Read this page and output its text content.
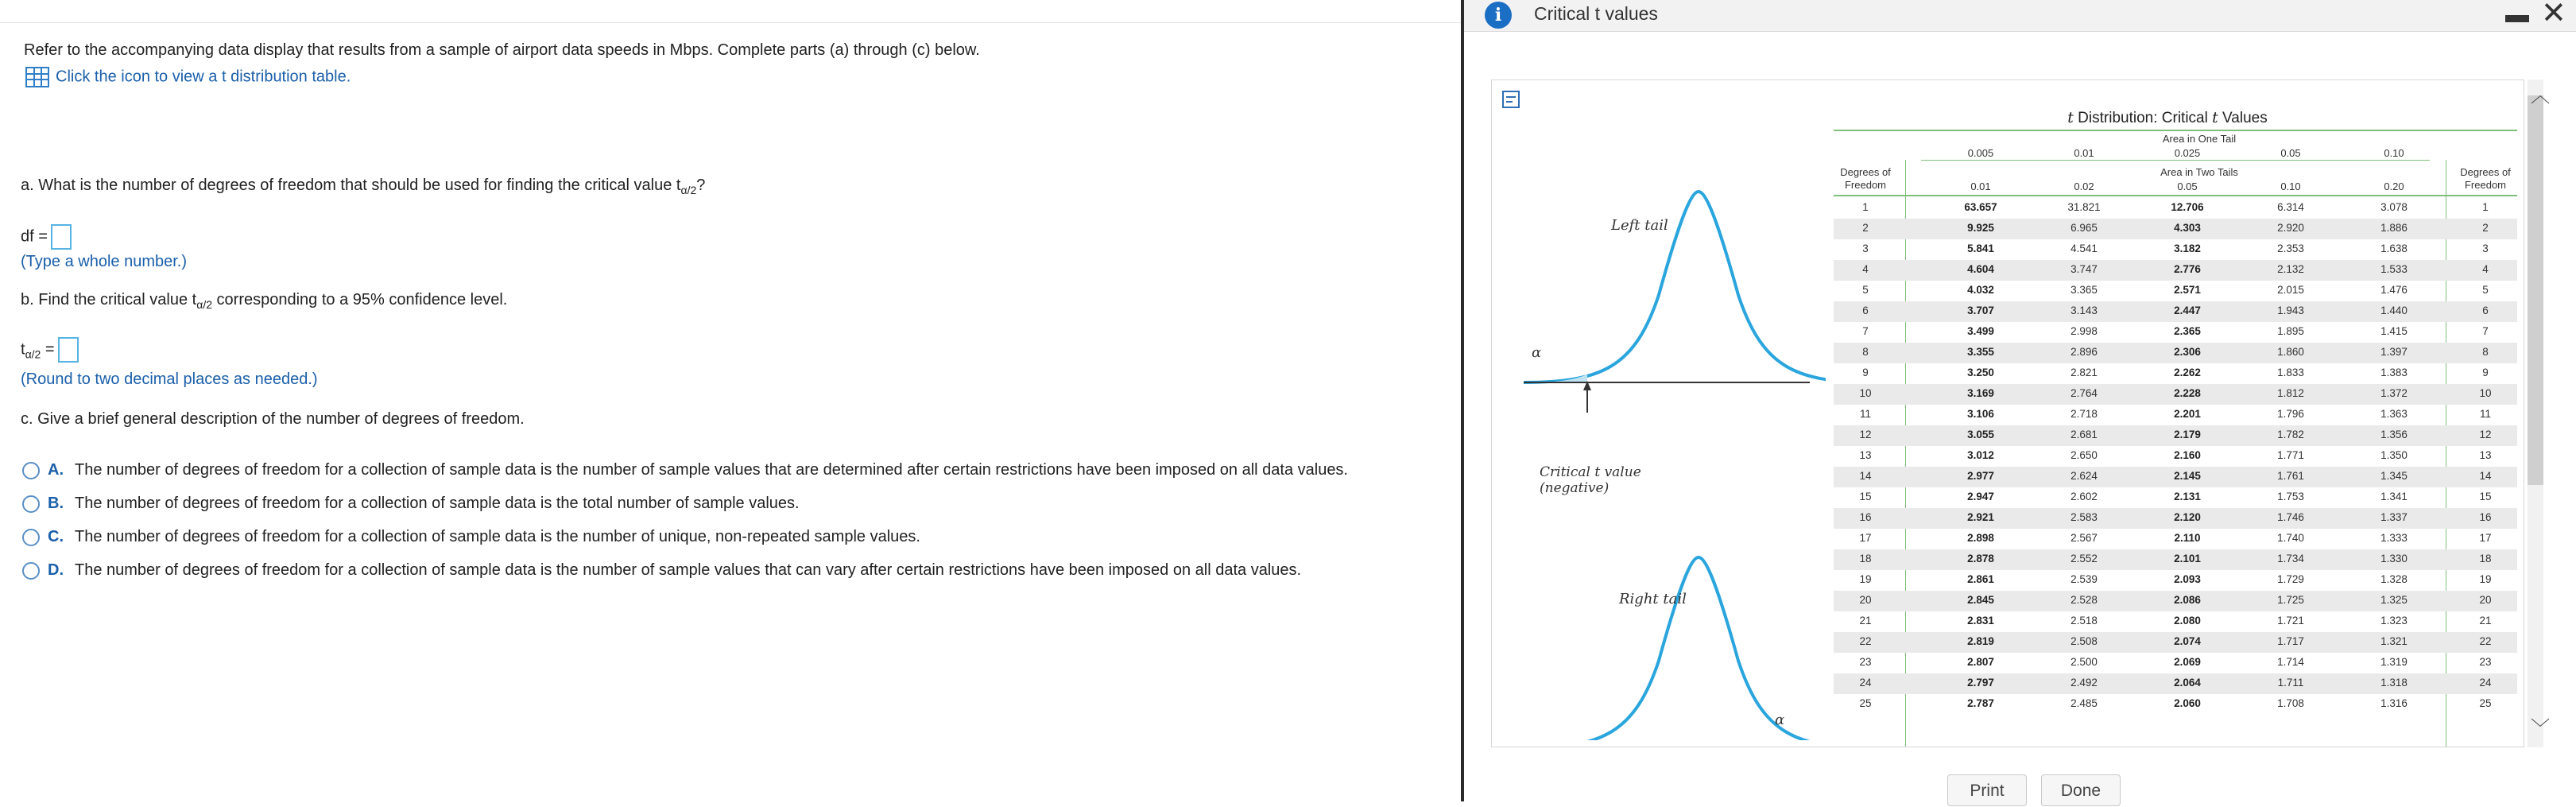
Refer to the accompanying data display that results from a sample of airport data speeds in Mbps. Complete parts (a) through (c) below.
Click the icon to view a t distribution table.
a. What is the number of degrees of freedom that should be used for finding the critical value $t_{\alpha/2}$?
df =
(Type a whole number.)
b. Find the critical value $t_{\alpha/2}$ corresponding to a 95% confidence level.
$t_{\alpha/2}$ =
(Round to two decimal places as needed.)
c. Give a brief general description of the number of degrees of freedom.
A. The number of degrees of freedom for a collection of sample data is the number of sample values that are determined after certain restrictions have been imposed on all data values.
B. The number of degrees of freedom for a collection of sample data is the total number of sample values.
C. The number of degrees of freedom for a collection of sample data is the number of unique, non-repeated sample values.
D. The number of degrees of freedom for a collection of sample data is the number of sample values that can vary after certain restrictions have been imposed on all data values.
i	Critical t values	▬ ✕
Left tail
α
Critical t value
(negative)
Right tail
α
t Distribution: Critical t Values
Area in One Tail
Area in Two Tails
Degrees of
Freedom
Degrees of
Freedom
0.005	0.01	0.025	0.05	0.10
0.01	0.02	0.05	0.10	0.20
1	63.657	31.821	12.706	6.314	3.078	1
2	9.925	6.965	4.303	2.920	1.886	2
3	5.841	4.541	3.182	2.353	1.638	3
4	4.604	3.747	2.776	2.132	1.533	4
5	4.032	3.365	2.571	2.015	1.476	5
6	3.707	3.143	2.447	1.943	1.440	6
7	3.499	2.998	2.365	1.895	1.415	7
8	3.355	2.896	2.306	1.860	1.397	8
9	3.250	2.821	2.262	1.833	1.383	9
10	3.169	2.764	2.228	1.812	1.372	10
11	3.106	2.718	2.201	1.796	1.363	11
12	3.055	2.681	2.179	1.782	1.356	12
13	3.012	2.650	2.160	1.771	1.350	13
14	2.977	2.624	2.145	1.761	1.345	14
15	2.947	2.602	2.131	1.753	1.341	15
16	2.921	2.583	2.120	1.746	1.337	16
17	2.898	2.567	2.110	1.740	1.333	17
18	2.878	2.552	2.101	1.734	1.330	18
19	2.861	2.539	2.093	1.729	1.328	19
20	2.845	2.528	2.086	1.725	1.325	20
21	2.831	2.518	2.080	1.721	1.323	21
22	2.819	2.508	2.074	1.717	1.321	22
23	2.807	2.500	2.069	1.714	1.319	23
24	2.797	2.492	2.064	1.711	1.318	24
25	2.787	2.485	2.060	1.708	1.316	25
︿
﹀
Print	Done
